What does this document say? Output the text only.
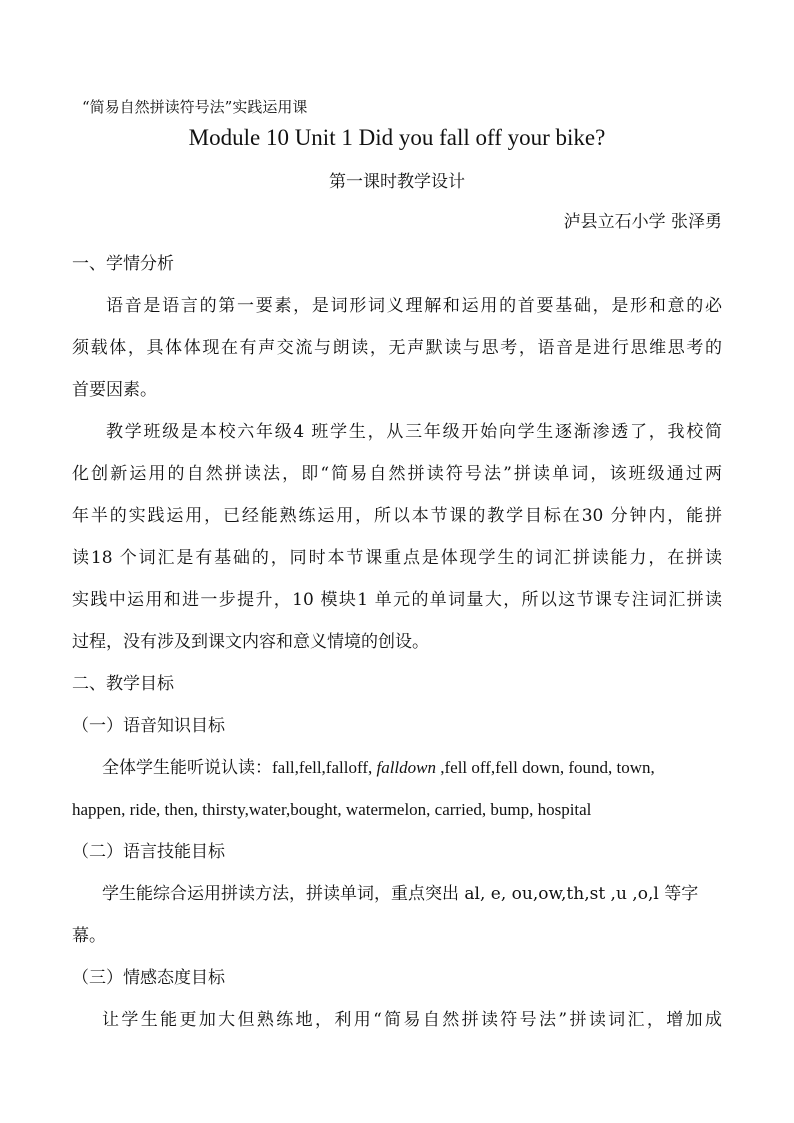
“简易自然拼读符号法”实践运用课
Module 10 Unit 1 Did you fall off your bike?
第一课时教学设计
泸县立石小学 张泽勇
一、学情分析
语音是语言的第一要素，是词形词义理解和运用的首要基础，是形和意的必
须载体，具体体现在有声交流与朗读，无声默读与思考，语音是进行思维思考的
首要因素。
教学班级是本校六年级4 班学生，从三年级开始向学生逐渐渗透了，我校简
化创新运用的自然拼读法，即“简易自然拼读符号法”拼读单词，该班级通过两
年半的实践运用，已经能熟练运用，所以本节课的教学目标在30 分钟内，能拼
读18 个词汇是有基础的，同时本节课重点是体现学生的词汇拼读能力，在拼读
实践中运用和进一步提升，10 模块1 单元的单词量大，所以这节课专注词汇拼读
过程，没有涉及到课文内容和意义情境的创设。
二、教学目标
（一）语音知识目标
全体学生能听说认读：fall,fell,falloff, falldown ,fell off,fell down, found, town,
happen, ride, then, thirsty,water,bought, watermelon, carried, bump, hospital
（二）语言技能目标
学生能综合运用拼读方法，拼读单词，重点突出 al, e, ou,ow,th,st ,u ,o,l 等字
幕。
（三）情感态度目标
让学生能更加大但熟练地，利用“简易自然拼读符号法”拼读词汇，增加成
